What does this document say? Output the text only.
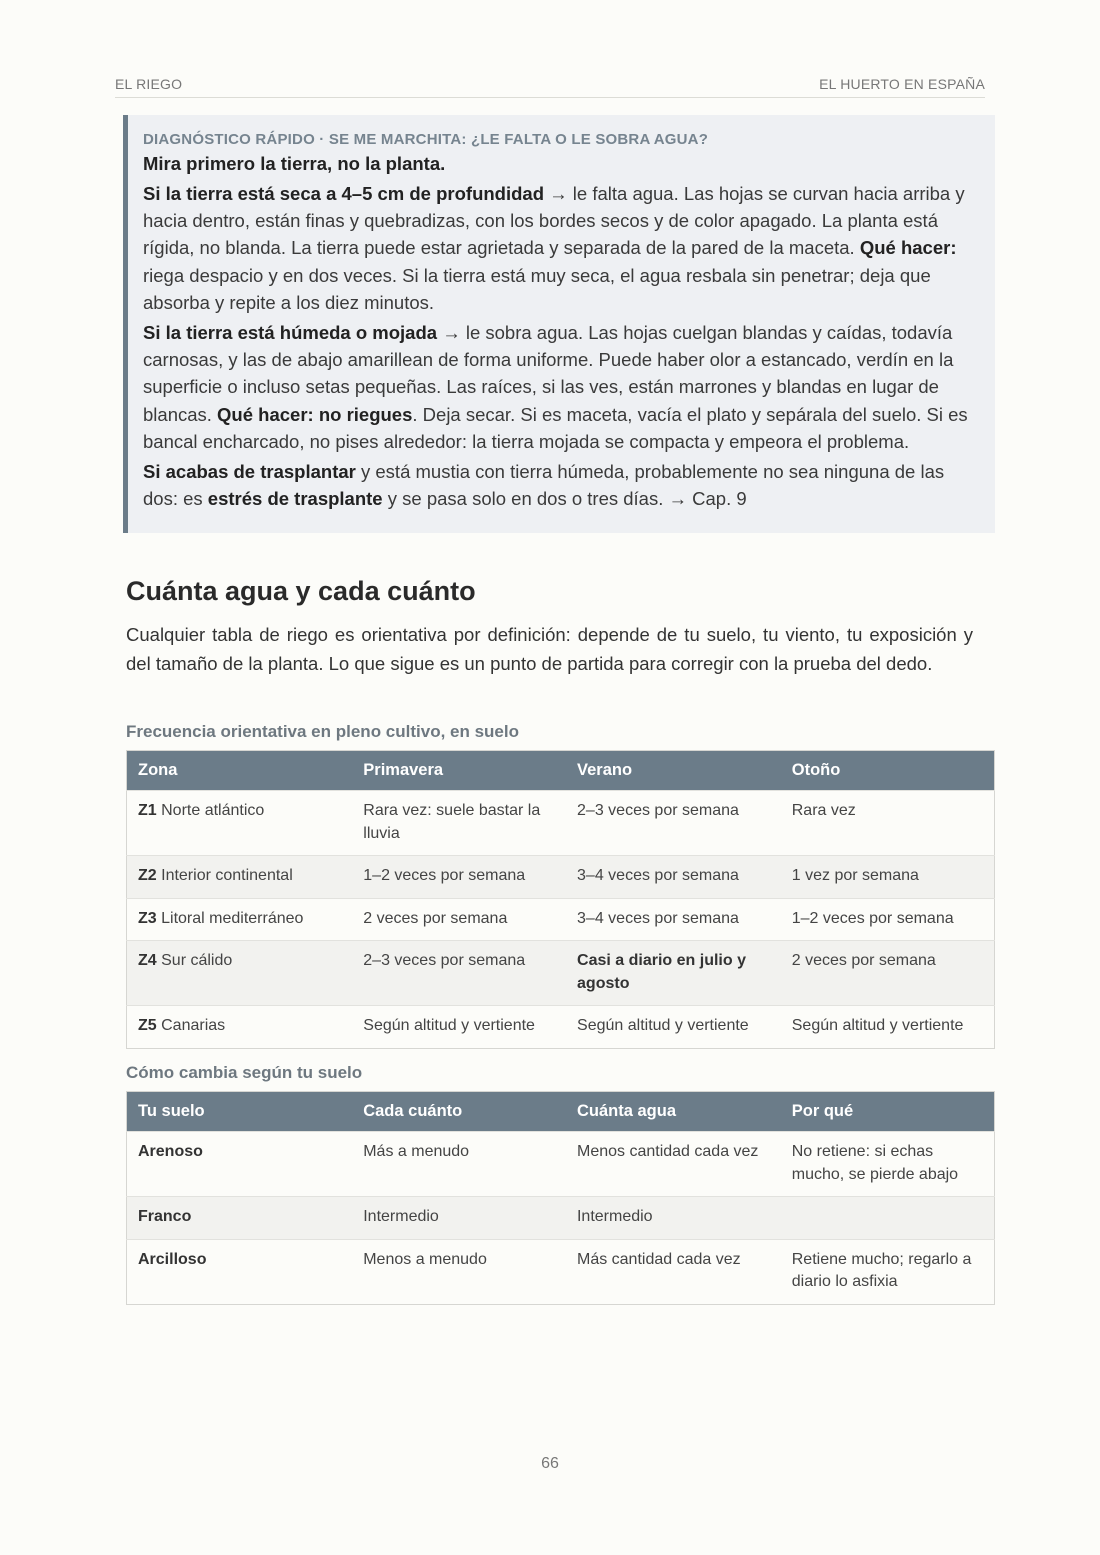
EL RIEGO	EL HUERTO EN ESPAÑA
DIAGNÓSTICO RÁPIDO · SE ME MARCHITA: ¿LE FALTA O LE SOBRA AGUA?
Mira primero la tierra, no la planta.

Si la tierra está seca a 4–5 cm de profundidad → le falta agua. Las hojas se curvan hacia arriba y hacia dentro, están finas y quebradizas, con los bordes secos y de color apagado. La planta está rígida, no blanda. La tierra puede estar agrietada y separada de la pared de la maceta. Qué hacer: riega despacio y en dos veces. Si la tierra está muy seca, el agua resbala sin penetrar; deja que absorba y repite a los diez minutos.

Si la tierra está húmeda o mojada → le sobra agua. Las hojas cuelgan blandas y caídas, todavía carnosas, y las de abajo amarillean de forma uniforme. Puede haber olor a estancado, verdín en la superficie o incluso setas pequeñas. Las raíces, si las ves, están marrones y blandas en lugar de blancas. Qué hacer: no riegues. Deja secar. Si es maceta, vacía el plato y sepárala del suelo. Si es bancal encharcado, no pises alrededor: la tierra mojada se compacta y empeora el problema.

Si acabas de trasplantar y está mustia con tierra húmeda, probablemente no sea ninguna de las dos: es estrés de trasplante y se pasa solo en dos o tres días. → Cap. 9

Cuánta agua y cada cuánto

Cualquier tabla de riego es orientativa por definición: depende de tu suelo, tu viento, tu exposición y del tamaño de la planta. Lo que sigue es un punto de partida para corregir con la prueba del dedo.

Frecuencia orientativa en pleno cultivo, en suelo
Zona	Primavera	Verano	Otoño
Z1 Norte atlántico	Rara vez: suele bastar la lluvia	2–3 veces por semana	Rara vez
Z2 Interior continental	1–2 veces por semana	3–4 veces por semana	1 vez por semana
Z3 Litoral mediterráneo	2 veces por semana	3–4 veces por semana	1–2 veces por semana
Z4 Sur cálido	2–3 veces por semana	Casi a diario en julio y agosto	2 veces por semana
Z5 Canarias	Según altitud y vertiente	Según altitud y vertiente	Según altitud y vertiente
Cómo cambia según tu suelo
Tu suelo	Cada cuánto	Cuánta agua	Por qué
Arenoso	Más a menudo	Menos cantidad cada vez	No retiene: si echas mucho, se pierde abajo
Franco	Intermedio	Intermedio	
Arcilloso	Menos a menudo	Más cantidad cada vez	Retiene mucho; regarlo a diario lo asfixia
66
